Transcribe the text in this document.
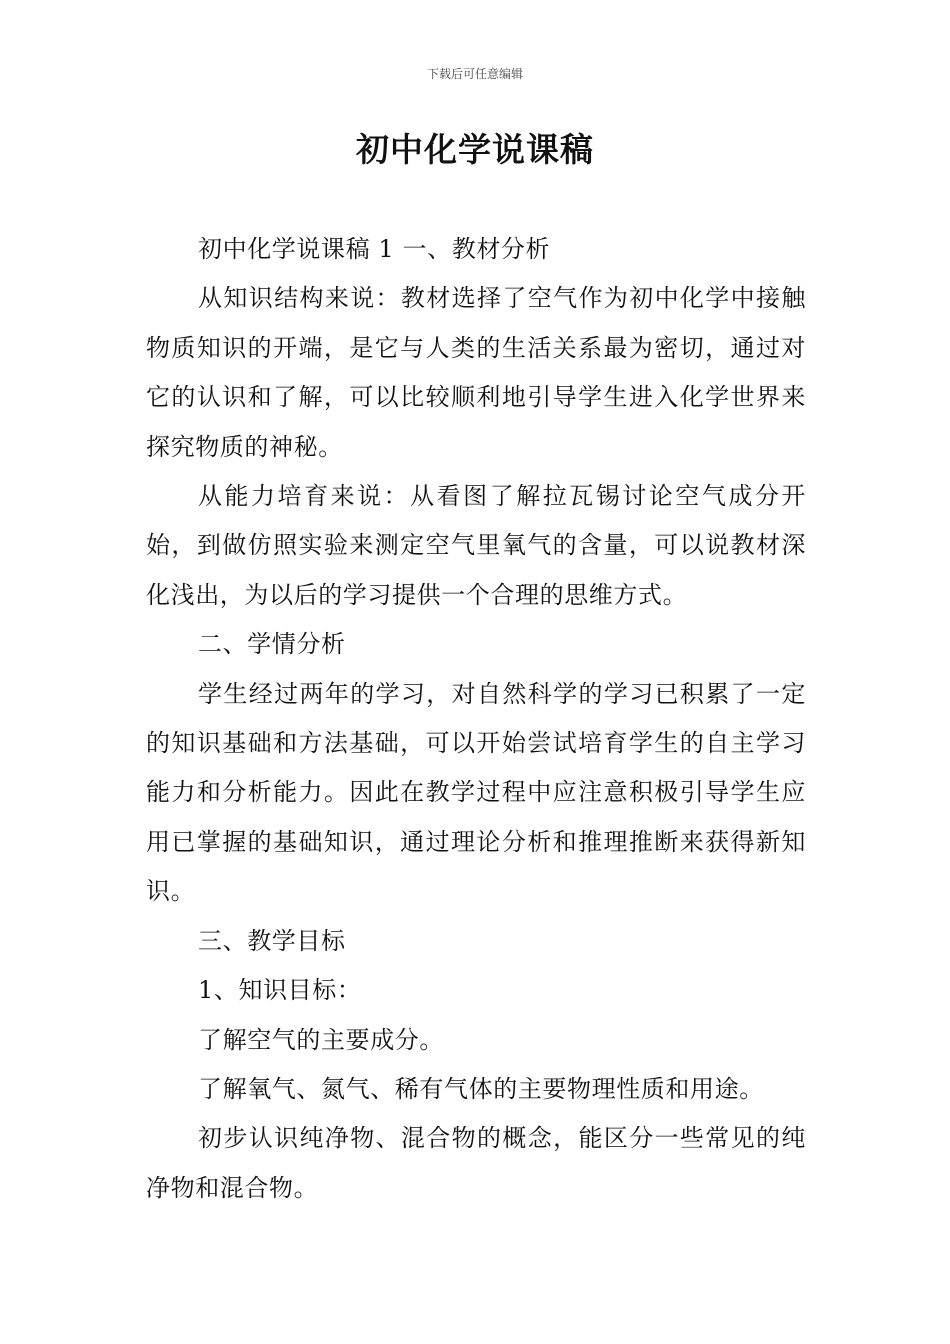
下载后可任意编辑
初中化学说课稿

初中化学说课稿 1 一、教材分析

从知识结构来说：教材选择了空气作为初中化学中接触物质知识的开端，是它与人类的生活关系最为密切，通过对它的认识和了解，可以比较顺利地引导学生进入化学世界来探究物质的神秘。

从能力培育来说：从看图了解拉瓦锡讨论空气成分开始，到做仿照实验来测定空气里氧气的含量，可以说教材深化浅出，为以后的学习提供一个合理的思维方式。

二、学情分析

学生经过两年的学习，对自然科学的学习已积累了一定的知识基础和方法基础，可以开始尝试培育学生的自主学习能力和分析能力。因此在教学过程中应注意积极引导学生应用已掌握的基础知识，通过理论分析和推理推断来获得新知识。

三、教学目标

1、知识目标：

了解空气的主要成分。

了解氧气、氮气、稀有气体的主要物理性质和用途。

初步认识纯净物、混合物的概念，能区分一些常见的纯净物和混合物。
